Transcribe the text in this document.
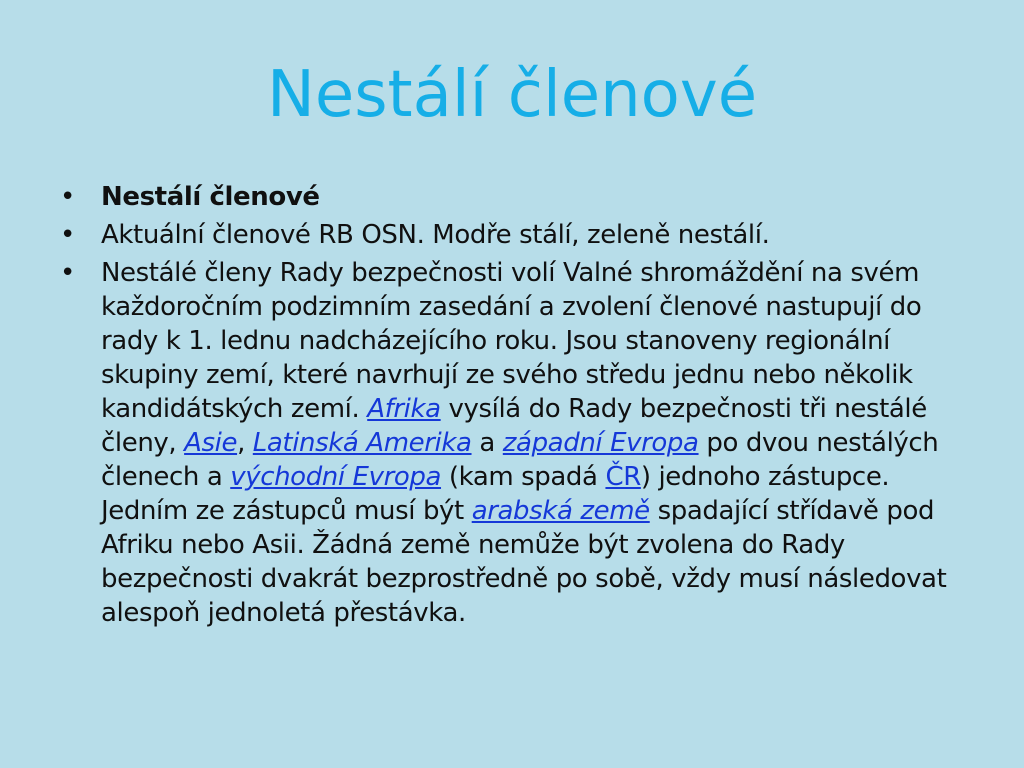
Nestálí členové
•	Nestálí členové
•	Aktuální členové RB OSN. Modře stálí, zeleně nestálí.
•	Nestálé členy Rady bezpečnosti volí Valné shromáždění na svém každoročním podzimním zasedání a zvolení členové nastupují do rady k 1. lednu nadcházejícího roku. Jsou stanoveny regionální skupiny zemí, které navrhují ze svého středu jednu nebo několik kandidátských zemí. Afrika vysílá do Rady bezpečnosti tři nestálé členy, Asie, Latinská Amerika a západní Evropa po dvou nestálých členech a východní Evropa (kam spadá ČR) jednoho zástupce. Jedním ze zástupců musí být arabská země spadající střídavě pod Afriku nebo Asii. Žádná země nemůže být zvolena do Rady bezpečnosti dvakrát bezprostředně po sobě, vždy musí následovat alespoň jednoletá přestávka.
